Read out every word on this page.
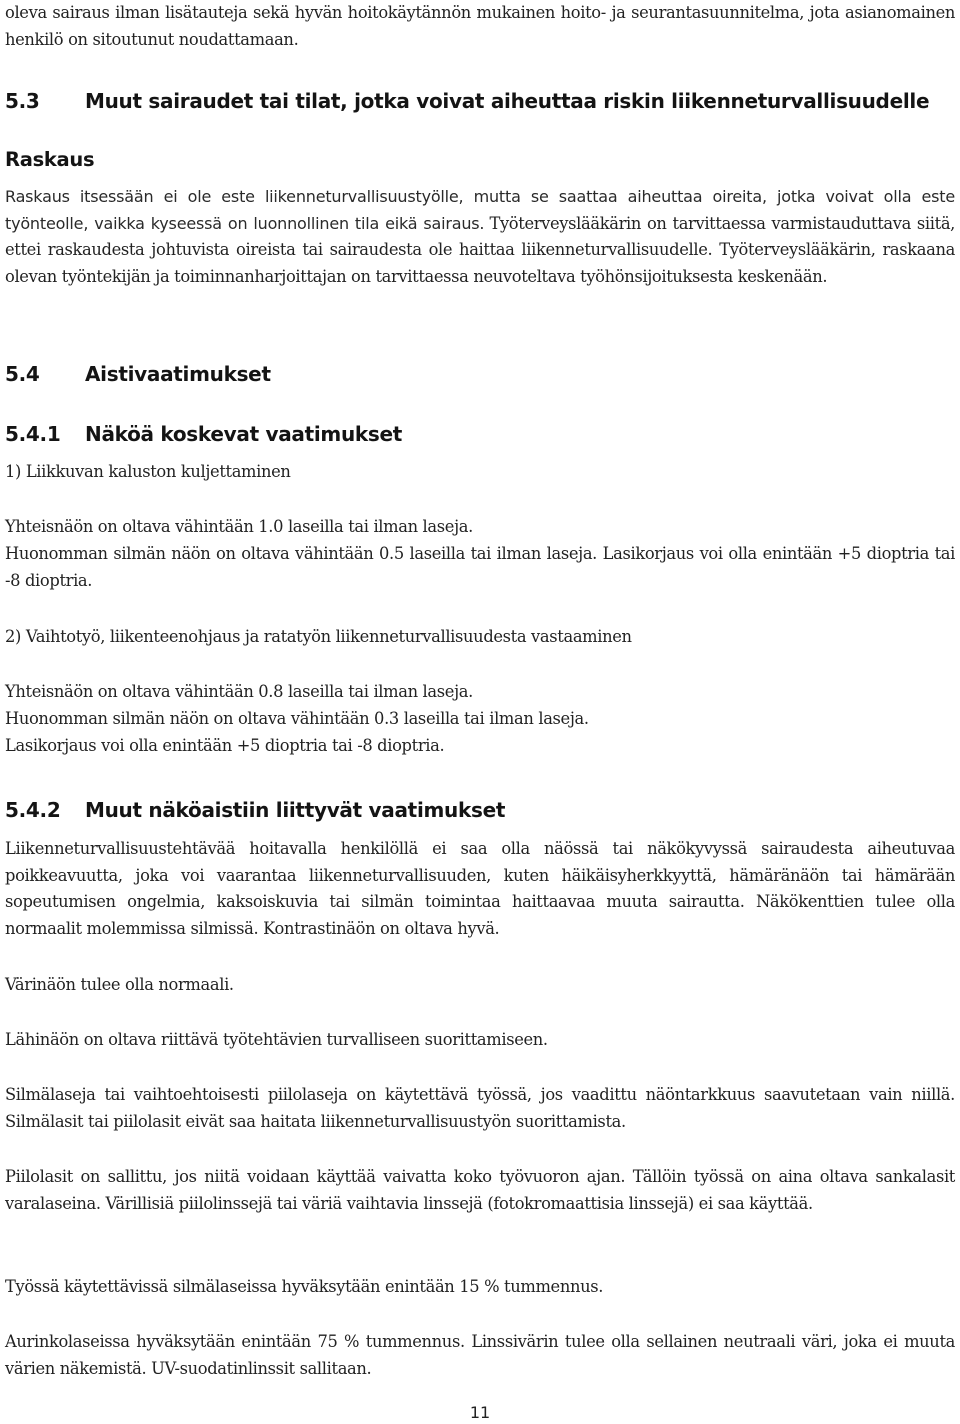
oleva sairaus ilman lisätauteja sekä hyvän hoitokäytännön mukainen hoito- ja seurantasuunnitelma, jota asianomainen henkilö on sitoutunut noudattamaan.

5.3 Muut sairaudet tai tilat, jotka voivat aiheuttaa riskin liikenneturvallisuudelle
Raskaus

Raskaus itsessään ei ole este liikenneturvallisuustyölle, mutta se saattaa aiheuttaa oireita, jotka voivat olla este työnteolle, vaikka kyseessä on luonnollinen tila eikä sairaus. Työterveyslääkärin on tarvittaessa varmistauduttava siitä, ettei raskaudesta johtuvista oireista tai sairaudesta ole haittaa liikenneturvallisuudelle. Työterveyslääkärin, raskaana olevan työntekijän ja toiminnanharjoittajan on tarvittaessa neuvoteltava työhönsijoituksesta keskenään.

5.4 Aistivaatimukset
5.4.1 Näköä koskevat vaatimukset
1) Liikkuvan kaluston kuljettaminen
Yhteisnäön on oltava vähintään 1.0 laseilla tai ilman laseja.

Huonomman silmän näön on oltava vähintään 0.5 laseilla tai ilman laseja. Lasikorjaus voi olla enintään +5 dioptria tai -8 dioptria.

2) Vaihtotyö, liikenteenohjaus ja ratatyön liikenneturvallisuudesta vastaaminen
Yhteisnäön on oltava vähintään 0.8 laseilla tai ilman laseja.
Huonomman silmän näön on oltava vähintään 0.3 laseilla tai ilman laseja.
Lasikorjaus voi olla enintään +5 dioptria tai -8 dioptria.
5.4.2 Muut näköaistiin liittyvät vaatimukset

Liikenneturvallisuustehtävää hoitavalla henkilöllä ei saa olla näössä tai näkökyvyssä sairaudesta aiheutuvaa poikkeavuutta, joka voi vaarantaa liikenneturvallisuuden, kuten häikäisyherkkyyttä, hämäränäön tai hämärään sopeutumisen ongelmia, kaksoiskuvia tai silmän toimintaa haittaavaa muuta sairautta. Näkökenttien tulee olla normaalit molemmissa silmissä. Kontrastinäön on oltava hyvä.

Värinäön tulee olla normaali.

Lähinäön on oltava riittävä työtehtävien turvalliseen suorittamiseen.

Silmälaseja tai vaihtoehtoisesti piilolaseja on käytettävä työssä, jos vaadittu näöntarkkuus saavutetaan vain niillä. Silmälasit tai piilolasit eivät saa haitata liikenneturvallisuustyön suorittamista.

Piilolasit on sallittu, jos niitä voidaan käyttää vaivatta koko työvuoron ajan. Tällöin työssä on aina oltava sankalasit varalaseina. Värillisiä piilolinssejä tai väriä vaihtavia linssejä (fotokromaattisia linssejä) ei saa käyttää.

Työssä käytettävissä silmälaseissa hyväksytään enintään 15 % tummennus.

Aurinkolaseissa hyväksytään enintään 75 % tummennus. Linssivärin tulee olla sellainen neutraali väri, joka ei muuta värien näkemistä. UV-suodatinlinssit sallitaan.

11
